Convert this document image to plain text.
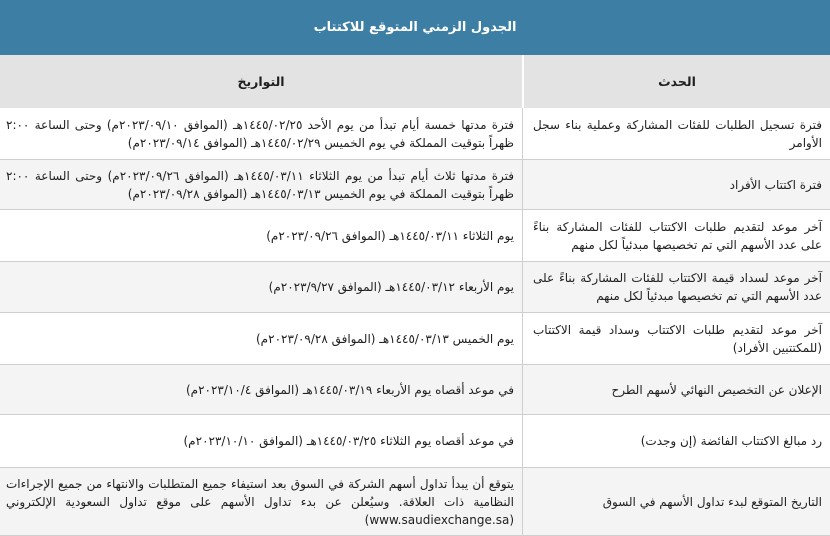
الجدول الزمني المتوقع للاكتتاب
الحدث
التواريخ
فترة تسجيل الطلبات للفئات المشاركة وعملية بناء سجل الأوامر
فترة مدتها خمسة أيام تبدأ من يوم الأحد ١٤٤٥/٠٢/٢٥هـ (الموافق ٢٠٢٣/٠٩/١٠م) وحتى الساعة ٢:٠٠ ظهراً بتوقيت المملكة في يوم الخميس ١٤٤٥/٠٢/٢٩هـ (الموافق ٢٠٢٣/٠٩/١٤م)
فترة اكتتاب الأفراد
فترة مدتها ثلاث أيام تبدأ من يوم الثلاثاء ١٤٤٥/٠٣/١١هـ (الموافق ٢٠٢٣/٠٩/٢٦م) وحتى الساعة ٢:٠٠ ظهراً بتوقيت المملكة في يوم الخميس ١٤٤٥/٠٣/١٣هـ (الموافق ٢٠٢٣/٠٩/٢٨م)
آخر موعد لتقديم طلبات الاكتتاب للفئات المشاركة بناءً على عدد الأسهم التي تم تخصيصها مبدئياً لكل منهم
يوم الثلاثاء ١٤٤٥/٠٣/١١هـ (الموافق ٢٠٢٣/٠٩/٢٦م)
آخر موعد لسداد قيمة الاكتتاب للفئات المشاركة بناءً على عدد الأسهم التي تم تخصيصها مبدئياً لكل منهم
يوم الأربعاء ١٤٤٥/٠٣/١٢هـ (الموافق ٢٠٢٣/٩/٢٧م)
آخر موعد لتقديم طلبات الاكتتاب وسداد قيمة الاكتتاب (للمكتتبين الأفراد)
يوم الخميس ١٤٤٥/٠٣/١٣هـ (الموافق ٢٠٢٣/٠٩/٢٨م)
الإعلان عن التخصيص النهائي لأسهم الطرح
في موعد أقصاه يوم الأربعاء ١٤٤٥/٠٣/١٩هـ (الموافق ٢٠٢٣/١٠/٤م)
رد مبالغ الاكتتاب الفائضة (إن وجدت)
في موعد أقصاه يوم الثلاثاء ١٤٤٥/٠٣/٢٥هـ (الموافق ٢٠٢٣/١٠/١٠م)
التاريخ المتوقع لبدء تداول الأسهم في السوق
يتوقع أن يبدأ تداول أسهم الشركة في السوق بعد استيفاء جميع المتطلبات والانتهاء من جميع الإجراءات النظامية ذات العلاقة. وسيُعلن عن بدء تداول الأسهم على موقع تداول السعودية الإلكتروني (www.saudiexchange.sa)
